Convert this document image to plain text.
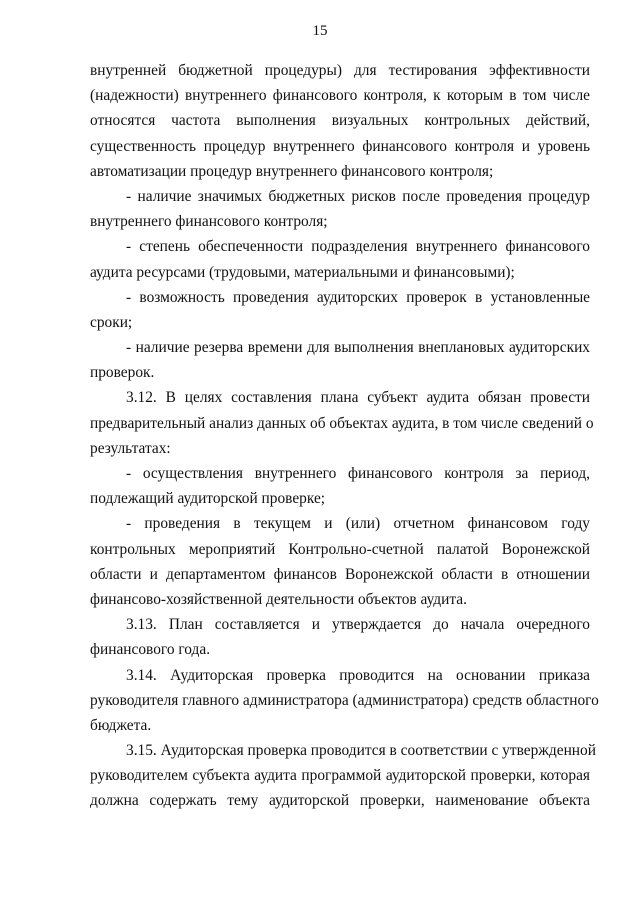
15
внутренней бюджетной процедуры) для тестирования эффективности
(надежности) внутреннего финансового контроля, к которым в том числе
относятся частота выполнения визуальных контрольных действий,
существенность процедур внутреннего финансового контроля и уровень
автоматизации процедур внутреннего финансового контроля;
- наличие значимых бюджетных рисков после проведения процедур
внутреннего финансового контроля;
- степень обеспеченности подразделения внутреннего финансового
аудита ресурсами (трудовыми, материальными и финансовыми);
- возможность проведения аудиторских проверок в установленные
сроки;
- наличие резерва времени для выполнения внеплановых аудиторских
проверок.
3.12. В целях составления плана субъект аудита обязан провести
предварительный анализ данных об объектах аудита, в том числе сведений о
результатах:
- осуществления внутреннего финансового контроля за период,
подлежащий аудиторской проверке;
- проведения в текущем и (или) отчетном финансовом году
контрольных мероприятий Контрольно-счетной палатой Воронежской
области и департаментом финансов Воронежской области в отношении
финансово-хозяйственной деятельности объектов аудита.
3.13. План составляется и утверждается до начала очередного
финансового года.
3.14. Аудиторская проверка проводится на основании приказа
руководителя главного администратора (администратора) средств областного
бюджета.
3.15. Аудиторская проверка проводится в соответствии с утвержденной
руководителем субъекта аудита программой аудиторской проверки, которая
должна содержать тему аудиторской проверки, наименование объекта
